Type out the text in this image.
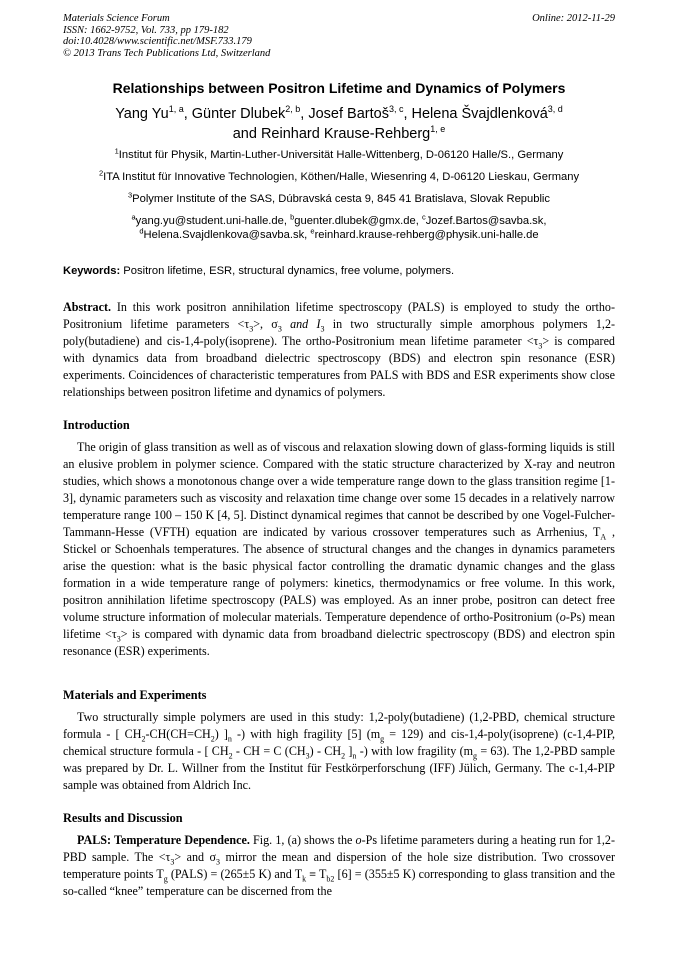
Materials Science Forum
ISSN: 1662-9752, Vol. 733, pp 179-182
doi:10.4028/www.scientific.net/MSF.733.179
© 2013 Trans Tech Publications Ltd, Switzerland
Online: 2012-11-29
Relationships between Positron Lifetime and Dynamics of Polymers
Yang Yu$^{1, a}$, Günter Dlubek$^{2, b}$, Josef Bartoš$^{3, c}$, Helena Švajdlenková$^{3, d}$
and Reinhard Krause-Rehberg$^{1, e}$
$^1$Institut für Physik, Martin-Luther-Universität Halle-Wittenberg, D-06120 Halle/S., Germany
$^2$ITA Institut für Innovative Technologien, Köthen/Halle, Wiesenring 4, D-06120 Lieskau, Germany
$^3$Polymer Institute of the SAS, Dúbravská cesta 9, 845 41 Bratislava, Slovak Republic
$^a$yang.yu@student.uni-halle.de, $^b$guenter.dlubek@gmx.de, $^c$Jozef.Bartos@savba.sk,
$^d$Helena.Svajdlenkova@savba.sk, $^e$reinhard.krause-rehberg@physik.uni-halle.de
Keywords: Positron lifetime, ESR, structural dynamics, free volume, polymers.
Abstract. In this work positron annihilation lifetime spectroscopy (PALS) is employed to study the ortho-Positronium lifetime parameters $<\tau_3>$, $\sigma_3$ and $I_3$ in two structurally simple amorphous polymers 1,2-poly(butadiene) and cis-1,4-poly(isoprene). The ortho-Positronium mean lifetime parameter $<\tau_3>$ is compared with dynamics data from broadband dielectric spectroscopy (BDS) and electron spin resonance (ESR) experiments. Coincidences of characteristic temperatures from PALS with BDS and ESR experiments show close relationships between positron lifetime and dynamics of polymers.
Introduction
The origin of glass transition as well as of viscous and relaxation slowing down of glass-forming liquids is still an elusive problem in polymer science. Compared with the static structure characterized by X-ray and neutron studies, which shows a monotonous change over a wide temperature range down to the glass transition regime [1-3], dynamic parameters such as viscosity and relaxation time change over some 15 decades in a relatively narrow temperature range 100 – 150 K [4, 5]. Distinct dynamical regimes that cannot be described by one Vogel-Fulcher-Tammann-Hesse (VFTH) equation are indicated by various crossover temperatures such as Arrhenius, $T_A$ , Stickel or Schoenhals temperatures. The absence of structural changes and the changes in dynamics parameters arise the question: what is the basic physical factor controlling the dramatic dynamic changes and the glass formation in a wide temperature range of polymers: kinetics, thermodynamics or free volume. In this work, positron annihilation lifetime spectroscopy (PALS) was employed. As an inner probe, positron can detect free volume structure information of molecular materials. Temperature dependence of ortho-Positronium (o-Ps) mean lifetime $<\tau_3>$ is compared with dynamic data from broadband dielectric spectroscopy (BDS) and electron spin resonance (ESR) experiments.
Materials and Experiments
Two structurally simple polymers are used in this study: 1,2-poly(butadiene) (1,2-PBD, chemical structure formula - [ $CH_2-CH(CH=CH_2)$ ]$_n$ -) with high fragility [5] $(m_g = 129)$ and cis-1,4-poly(isoprene) (c-1,4-PIP, chemical structure formula - [ $CH_2$ - CH = C $(CH_3) - CH_2$ ]$_n$ -) with low fragility $(m_g = 63)$. The 1,2-PBD sample was prepared by Dr. L. Willner from the Institut für Festkörperforschung (IFF) Jülich, Germany. The c-1,4-PIP sample was obtained from Aldrich Inc.
Results and Discussion
PALS: Temperature Dependence. Fig. 1, (a) shows the o-Ps lifetime parameters during a heating run for 1,2-PBD sample. The $<\tau_3>$ and $\sigma_3$ mirror the mean and dispersion of the hole size distribution. Two crossover temperature points $T_g$ (PALS) = (265±5 K) and $T_k \equiv T_{b2}$ [6] = (355±5 K) corresponding to glass transition and the so-called “knee” temperature can be discerned from the
